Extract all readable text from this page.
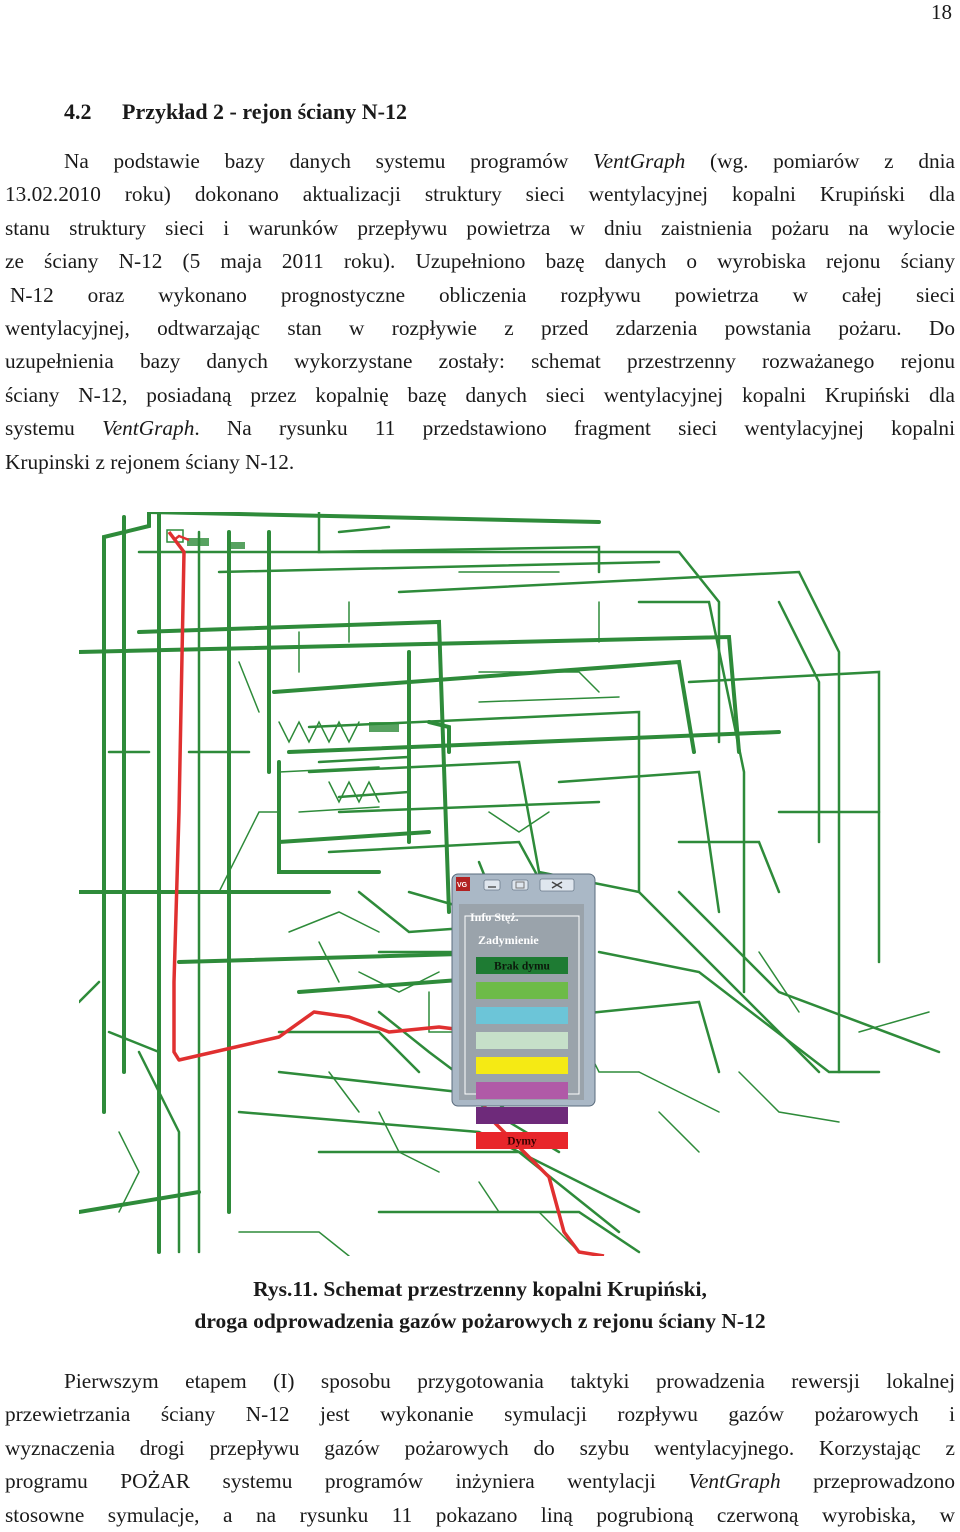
18
4.2 Przykład 2 - rejon ściany N-12
Na podstawie bazy danych systemu programów VentGraph (wg. pomiarów z dnia
13.02.2010 roku) dokonano aktualizacji struktury sieci wentylacyjnej kopalni Krupiński dla
stanu struktury sieci i warunków przepływu powietrza w dniu zaistnienia pożaru na wylocie
ze ściany N-12 (5 maja 2011 roku). Uzupełniono bazę danych o wyrobiska rejonu ściany
N-12 oraz wykonano prognostyczne obliczenia rozpływu powietrza w całej sieci
wentylacyjnej, odtwarzając stan w rozpływie z przed zdarzenia powstania pożaru. Do
uzupełnienia bazy danych wykorzystane zostały: schemat przestrzenny rozważanego rejonu
ściany N-12, posiadaną przez kopalnię bazę danych sieci wentylacyjnej kopalni Krupiński dla
systemu VentGraph. Na rysunku 11 przedstawiono fragment sieci wentylacyjnej kopalni
Krupinski z rejonem ściany N-12.
VG
Info Stęż.
Zadymienie
Brak dymu
Dymy
Rys.11. Schemat przestrzenny kopalni Krupiński,
droga odprowadzenia gazów pożarowych z rejonu ściany N-12
Pierwszym etapem (I) sposobu przygotowania taktyki prowadzenia rewersji lokalnej
przewietrzania ściany N-12 jest wykonanie symulacji rozpływu gazów pożarowych i
wyznaczenia drogi przepływu gazów pożarowych do szybu wentylacyjnego. Korzystając z
programu POŻAR systemu programów inżyniera wentylacji VentGraph przeprowadzono
stosowne symulacje, a na rysunku 11 pokazano liną pogrubioną czerwoną wyrobiska, w
